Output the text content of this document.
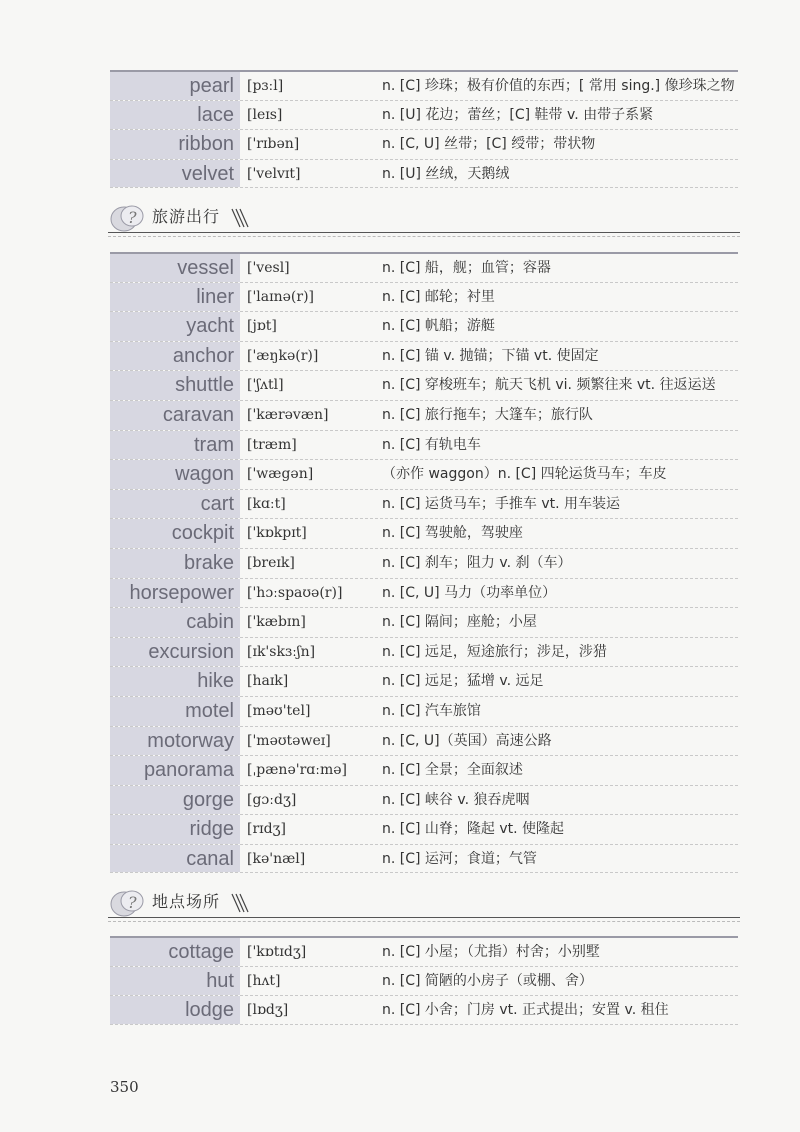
pearl [pɜːl]	n. [C] 珍珠；极有价值的东西；[ 常用 sing.] 像珍珠之物
lace [leɪs]	n. [U] 花边；蕾丝；[C] 鞋带 v. 由带子系紧
ribbon ['rɪbən]	n. [C, U] 丝带；[C] 绶带；带状物
velvet ['velvɪt]	n. [U] 丝绒，天鹅绒
? 旅游出行
vessel ['vesl]	n. [C] 船，舰；血管；容器
liner ['laɪnə(r)]	n. [C] 邮轮；衬里
yacht [jɒt]	n. [C] 帆船；游艇
anchor ['æŋkə(r)]	n. [C] 锚 v. 抛锚；下锚 vt. 使固定
shuttle ['ʃʌtl]	n. [C] 穿梭班车；航天飞机 vi. 频繁往来 vt. 往返运送
caravan ['kærəvæn]	n. [C] 旅行拖车；大篷车；旅行队
tram [træm]	n. [C] 有轨电车
wagon ['wægən]	（亦作 waggon）n. [C] 四轮运货马车；车皮
cart [kɑːt]	n. [C] 运货马车；手推车 vt. 用车装运
cockpit ['kɒkpɪt]	n. [C] 驾驶舱，驾驶座
brake [breɪk]	n. [C] 刹车；阻力 v. 刹（车）
horsepower ['hɔːspaʊə(r)]	n. [C, U] 马力（功率单位）
cabin ['kæbɪn]	n. [C] 隔间；座舱；小屋
excursion [ɪk'skɜːʃn]	n. [C] 远足，短途旅行；涉足，涉猎
hike [haɪk]	n. [C] 远足；猛增 v. 远足
motel [məʊ'tel]	n. [C] 汽车旅馆
motorway ['məʊtəweɪ]	n. [C, U]（英国）高速公路
panorama [ˌpænə'rɑːmə]	n. [C] 全景；全面叙述
gorge [gɔːdʒ]	n. [C] 峡谷 v. 狼吞虎咽
ridge [rɪdʒ]	n. [C] 山脊；隆起 vt. 使隆起
canal [kə'næl]	n. [C] 运河；食道；气管
? 地点场所
cottage ['kɒtɪdʒ]	n. [C] 小屋；（尤指）村舍；小别墅
hut [hʌt]	n. [C] 简陋的小房子（或棚、舍）
lodge [lɒdʒ]	n. [C] 小舍；门房 vt. 正式提出；安置 v. 租住
350
